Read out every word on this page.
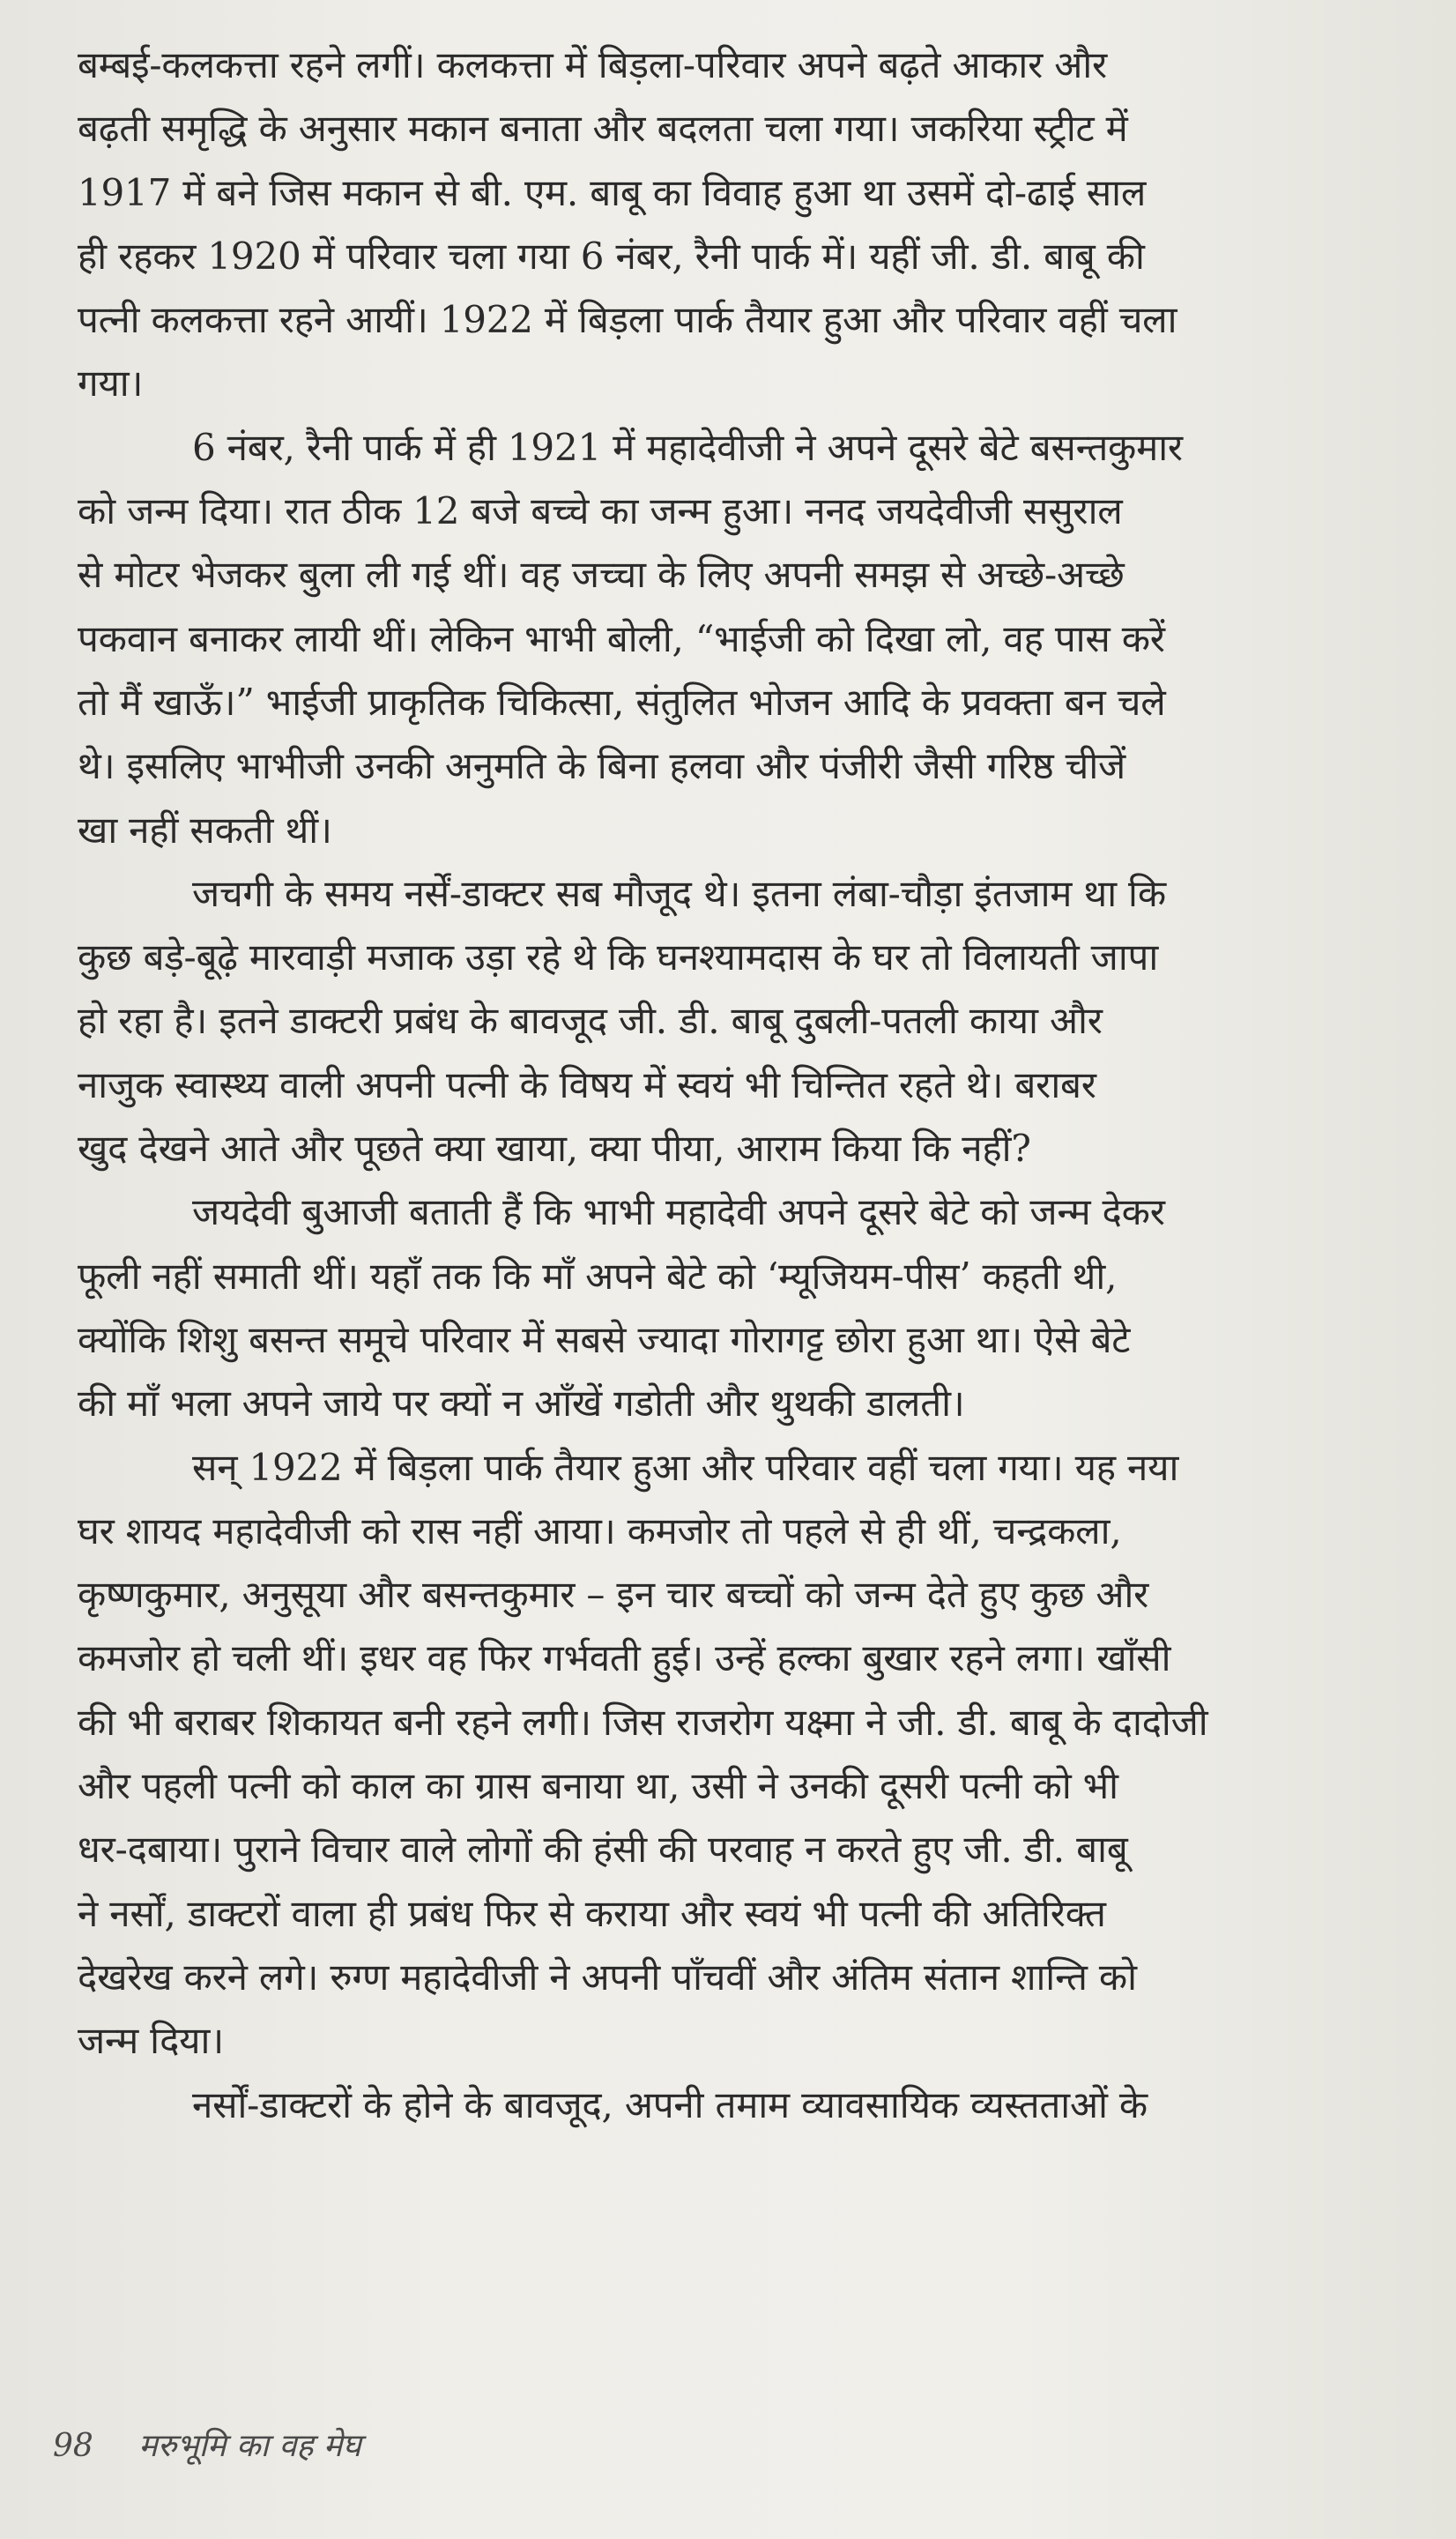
बम्बई-कलकत्ता रहने लगीं। कलकत्ता में बिड़ला-परिवार अपने बढ़ते आकार और
बढ़ती समृद्धि के अनुसार मकान बनाता और बदलता चला गया। जकरिया स्ट्रीट में
1917 में बने जिस मकान से बी. एम. बाबू का विवाह हुआ था उसमें दो-ढाई साल
ही रहकर 1920 में परिवार चला गया 6 नंबर, रैनी पार्क में। यहीं जी. डी. बाबू की
पत्नी कलकत्ता रहने आयीं। 1922 में बिड़ला पार्क तैयार हुआ और परिवार वहीं चला
गया।
6 नंबर, रैनी पार्क में ही 1921 में महादेवीजी ने अपने दूसरे बेटे बसन्तकुमार
को जन्म दिया। रात ठीक 12 बजे बच्चे का जन्म हुआ। ननद जयदेवीजी ससुराल
से मोटर भेजकर बुला ली गई थीं। वह जच्चा के लिए अपनी समझ से अच्छे-अच्छे
पकवान बनाकर लायी थीं। लेकिन भाभी बोली, “भाईजी को दिखा लो, वह पास करें
तो मैं खाऊँ।” भाईजी प्राकृतिक चिकित्सा, संतुलित भोजन आदि के प्रवक्ता बन चले
थे। इसलिए भाभीजी उनकी अनुमति के बिना हलवा और पंजीरी जैसी गरिष्ठ चीजें
खा नहीं सकती थीं।
जचगी के समय नर्सें-डाक्टर सब मौजूद थे। इतना लंबा-चौड़ा इंतजाम था कि
कुछ बड़े-बूढ़े मारवाड़ी मजाक उड़ा रहे थे कि घनश्यामदास के घर तो विलायती जापा
हो रहा है। इतने डाक्टरी प्रबंध के बावजूद जी. डी. बाबू दुबली-पतली काया और
नाजुक स्वास्थ्य वाली अपनी पत्नी के विषय में स्वयं भी चिन्तित रहते थे। बराबर
खुद देखने आते और पूछते क्या खाया, क्या पीया, आराम किया कि नहीं?
जयदेवी बुआजी बताती हैं कि भाभी महादेवी अपने दूसरे बेटे को जन्म देकर
फूली नहीं समाती थीं। यहाँ तक कि माँ अपने बेटे को ‘म्यूजियम-पीस’ कहती थी,
क्योंकि शिशु बसन्त समूचे परिवार में सबसे ज्यादा गोरागट्ट छोरा हुआ था। ऐसे बेटे
की माँ भला अपने जाये पर क्यों न आँखें गडोती और थुथकी डालती।
सन् 1922 में बिड़ला पार्क तैयार हुआ और परिवार वहीं चला गया। यह नया
घर शायद महादेवीजी को रास नहीं आया। कमजोर तो पहले से ही थीं, चन्द्रकला,
कृष्णकुमार, अनुसूया और बसन्तकुमार – इन चार बच्चों को जन्म देते हुए कुछ और
कमजोर हो चली थीं। इधर वह फिर गर्भवती हुई। उन्हें हल्का बुखार रहने लगा। खाँसी
की भी बराबर शिकायत बनी रहने लगी। जिस राजरोग यक्ष्मा ने जी. डी. बाबू के दादोजी
और पहली पत्नी को काल का ग्रास बनाया था, उसी ने उनकी दूसरी पत्नी को भी
धर-दबाया। पुराने विचार वाले लोगों की हंसी की परवाह न करते हुए जी. डी. बाबू
ने नर्सों, डाक्टरों वाला ही प्रबंध फिर से कराया और स्वयं भी पत्नी की अतिरिक्त
देखरेख करने लगे। रुग्ण महादेवीजी ने अपनी पाँचवीं और अंतिम संतान शान्ति को
जन्म दिया।
नर्सों-डाक्टरों के होने के बावजूद, अपनी तमाम व्यावसायिक व्यस्तताओं के
98 मरुभूमि का वह मेघ
